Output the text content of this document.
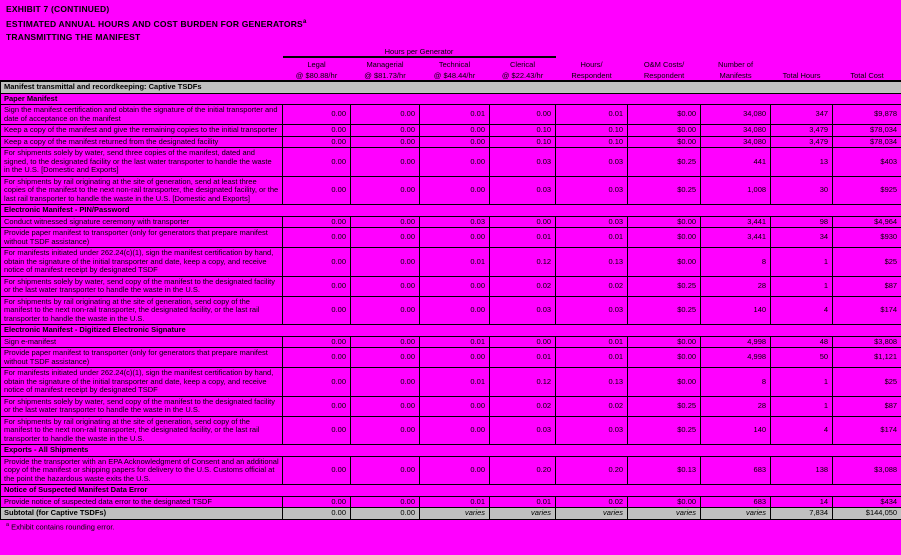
EXHIBIT 7 (CONTINUED)
ESTIMATED ANNUAL HOURS AND COST BURDEN FOR GENERATORS$^a$
TRANSMITTING THE MANIFEST
	Hours per Generator								
	Legal	Managerial	Technical	Clerical	Hours/	O&M Costs/	Number of		
	@ $80.88/hr	@ $81.73/hr	@ $48.44/hr	@ $22.43/hr	Respondent	Respondent	Manifests	Total Hours	Total Cost
Manifest transmittal and recordkeeping: Captive TSDFs									
Paper Manifest									
Sign the manifest certification and obtain the signature of the initial transporter and date of acceptance on the manifest	0.00	0.00	0.01	0.00	0.01	$0.00	34,080	347	$9,878
Keep a copy of the manifest and give the remaining copies to the initial transporter	0.00	0.00	0.00	0.10	0.10	$0.00	34,080	3,479	$78,034
Keep a copy of the manifest returned from the designated facility	0.00	0.00	0.00	0.10	0.10	$0.00	34,080	3,479	$78,034
For shipments solely by water, send three copies of the manifest, dated and signed, to the designated facility or the last water transporter to handle the waste in the U.S. [Domestic and Exports]	0.00	0.00	0.00	0.03	0.03	$0.25	441	13	$403
For shipments by rail originating at the site of generation, send at least three copies of the manifest to the next non-rail transporter, the designated facility, or the last rail transporter to handle the waste in the U.S. [Domestic and Exports]	0.00	0.00	0.00	0.03	0.03	$0.25	1,008	30	$925
Electronic Manifest - PIN/Password									
Conduct witnessed signature ceremony with transporter	0.00	0.00	0.03	0.00	0.03	$0.00	3,441	98	$4,964
Provide paper manifest to transporter (only for generators that prepare manifest without TSDF assistance)	0.00	0.00	0.00	0.01	0.01	$0.00	3,441	34	$930
For manifests initiated under 262.24(c)(1), sign the manifest certification by hand, obtain the signature of the initial transporter and date, keep a copy, and receive notice of manifest receipt by designated TSDF	0.00	0.00	0.01	0.12	0.13	$0.00	8	1	$25
For shipments solely by water, send copy of the manifest to the designated facility or the last water transporter to handle the waste in the U.S.	0.00	0.00	0.00	0.02	0.02	$0.25	28	1	$87
For shipments by rail originating at the site of generation, send copy of the manifest to the next non-rail transporter, the designated facility, or the last rail transporter to handle the waste in the U.S.	0.00	0.00	0.00	0.03	0.03	$0.25	140	4	$174
Electronic Manifest - Digitized Electronic Signature									
Sign e-manifest	0.00	0.00	0.01	0.00	0.01	$0.00	4,998	48	$3,808
Provide paper manifest to transporter (only for generators that prepare manifest without TSDF assistance)	0.00	0.00	0.00	0.01	0.01	$0.00	4,998	50	$1,121
For manifests initiated under 262.24(c)(1), sign the manifest certification by hand, obtain the signature of the initial transporter and date, keep a copy, and receive notice of manifest receipt by designated TSDF	0.00	0.00	0.01	0.12	0.13	$0.00	8	1	$25
For shipments solely by water, send copy of the manifest to the designated facility or the last water transporter to handle the waste in the U.S.	0.00	0.00	0.00	0.02	0.02	$0.25	28	1	$87
For shipments by rail originating at the site of generation, send copy of the manifest to the next non-rail transporter, the designated facility, or the last rail transporter to handle the waste in the U.S.	0.00	0.00	0.00	0.03	0.03	$0.25	140	4	$174
Exports - All Shipments									
Provide the transporter with an EPA Acknowledgment of Consent and an additional copy of the manifest or shipping papers for delivery to the U.S. Customs official at the point the hazardous waste exits the U.S.	0.00	0.00	0.00	0.20	0.20	$0.13	683	138	$3,088
Notice of Suspected Manifest Data Error									
Provide notice of suspected data error to the designated TSDF	0.00	0.00	0.01	0.01	0.02	$0.00	683	14	$434
Subtotal (for Captive TSDFs)	0.00	0.00	varies	varies	varies	varies	varies	7,834	$144,050
$^a$ Exhibit contains rounding error.
